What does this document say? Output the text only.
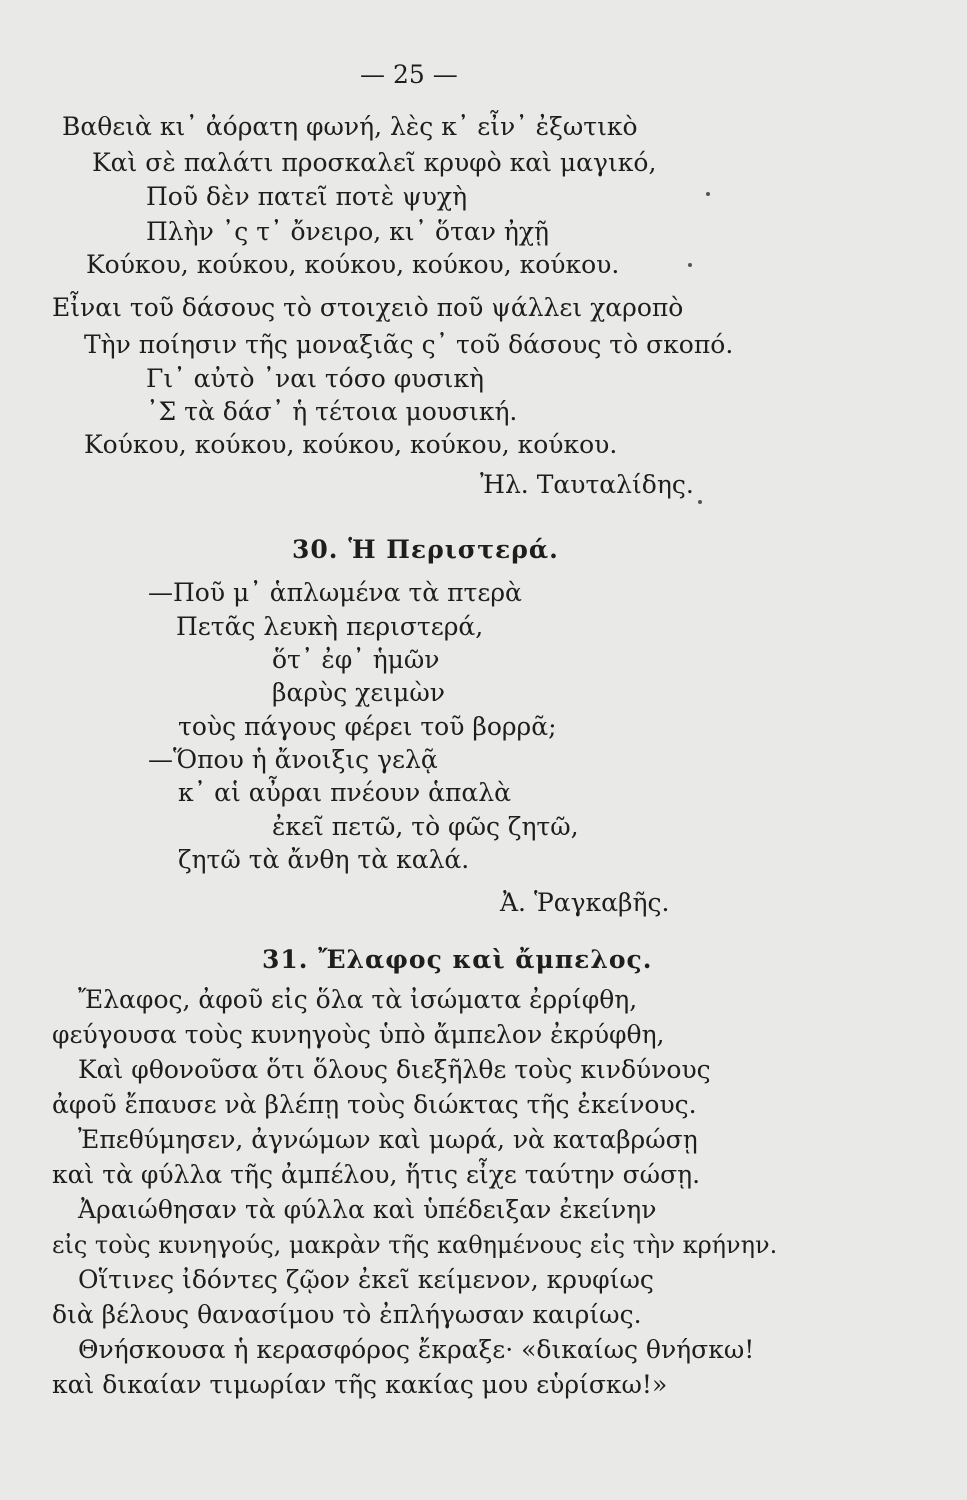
— 25 —
Βαθειὰ κι᾽ ἀόρατη φωνή, λὲς κ᾽ εἶν᾽ ἐξωτικὸ
Καὶ σὲ παλάτι προσκαλεῖ κρυφὸ καὶ μαγικό,
Ποῦ δὲν πατεῖ ποτὲ ψυχὴ
Πλὴν ᾽ς τ᾽ ὄνειρο, κι᾽ ὅταν ἠχῇ
Κούκου, κούκου, κούκου, κούκου, κούκου.
Εἶναι τοῦ δάσους τὸ στοιχειὸ ποῦ ψάλλει χαροπὸ
Τὴν ποίησιν τῆς μοναξιᾶς ς᾽ τοῦ δάσους τὸ σκοπό.
Γι᾽ αὐτὸ ᾽ναι τόσο φυσικὴ
᾽Σ τὰ δάσ᾽ ἡ τέτοια μουσική.
Κούκου, κούκου, κούκου, κούκου, κούκου.
Ἠλ. Ταυταλίδης.
30. Ἡ Περιστερά.
—Ποῦ μ᾽ ἁπλωμένα τὰ πτερὰ
Πετᾶς λευκὴ περιστερά,
ὅτ᾽ ἐφ᾽ ἡμῶν
βαρὺς χειμὼν
τοὺς πάγους φέρει τοῦ βορρᾶ;
—Ὅπου ἡ ἄνοιξις γελᾷ
κ᾽ αἱ αὖραι πνέουν ἁπαλὰ
ἐκεῖ πετῶ, τὸ φῶς ζητῶ,
ζητῶ τὰ ἄνθη τὰ καλά.
Ἀ. Ῥαγκαβῆς.
31. Ἔλαφος καὶ ἄμπελος.
Ἔλαφος, ἀφοῦ εἰς ὅλα τὰ ἰσώματα ἐρρίφθη,
φεύγουσα τοὺς κυνηγοὺς ὑπὸ ἄμπελον ἐκρύφθη,
Καὶ φθονοῦσα ὅτι ὅλους διεξῆλθε τοὺς κινδύνους
ἀφοῦ ἔπαυσε νὰ βλέπῃ τοὺς διώκτας τῆς ἐκείνους.
Ἐπεθύμησεν, ἀγνώμων καὶ μωρά, νὰ καταβρώσῃ
καὶ τὰ φύλλα τῆς ἀμπέλου, ἥτις εἶχε ταύτην σώσῃ.
Ἀραιώθησαν τὰ φύλλα καὶ ὑπέδειξαν ἐκείνην
εἰς τοὺς κυνηγούς, μακρὰν τῆς καθημένους εἰς τὴν κρήνην.
Οἵτινες ἰδόντες ζῷον ἐκεῖ κείμενον, κρυφίως
διὰ βέλους θανασίμου τὸ ἐπλήγωσαν καιρίως.
Θνήσκουσα ἡ κερασφόρος ἔκραξε· «δικαίως θνήσκω!
καὶ δικαίαν τιμωρίαν τῆς κακίας μου εὑρίσκω!»
